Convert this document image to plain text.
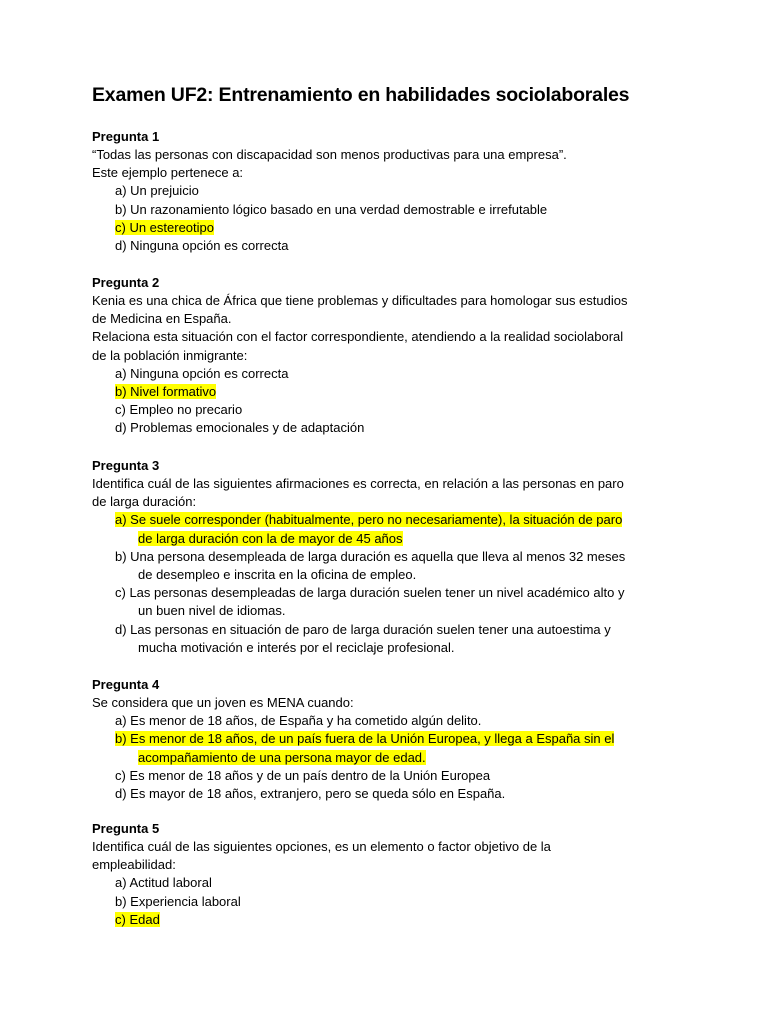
Examen UF2: Entrenamiento en habilidades sociolaborales
Pregunta 1
“Todas las personas con discapacidad son menos productivas para una empresa”.
Este ejemplo pertenece a:
a) Un prejuicio
b) Un razonamiento lógico basado en una verdad demostrable e irrefutable
c) Un estereotipo
d) Ninguna opción es correcta
Pregunta 2
Kenia es una chica de África que tiene problemas y dificultades para homologar sus estudios
de Medicina en España.
Relaciona esta situación con el factor correspondiente, atendiendo a la realidad sociolaboral
de la población inmigrante:
a) Ninguna opción es correcta
b) Nivel formativo
c) Empleo no precario
d) Problemas emocionales y de adaptación
Pregunta 3
Identifica cuál de las siguientes afirmaciones es correcta, en relación a las personas en paro
de larga duración:
a) Se suele corresponder (habitualmente, pero no necesariamente), la situación de paro
de larga duración con la de mayor de 45 años
b) Una persona desempleada de larga duración es aquella que lleva al menos 32 meses
de desempleo e inscrita en la oficina de empleo.
c) Las personas desempleadas de larga duración suelen tener un nivel académico alto y
un buen nivel de idiomas.
d) Las personas en situación de paro de larga duración suelen tener una autoestima y
mucha motivación e interés por el reciclaje profesional.
Pregunta 4
Se considera que un joven es MENA cuando:
a) Es menor de 18 años, de España y ha cometido algún delito.
b) Es menor de 18 años, de un país fuera de la Unión Europea, y llega a España sin el
acompañamiento de una persona mayor de edad.
c) Es menor de 18 años y de un país dentro de la Unión Europea
d) Es mayor de 18 años, extranjero, pero se queda sólo en España.
Pregunta 5
Identifica cuál de las siguientes opciones, es un elemento o factor objetivo de la
empleabilidad:
a) Actitud laboral
b) Experiencia laboral
c) Edad
